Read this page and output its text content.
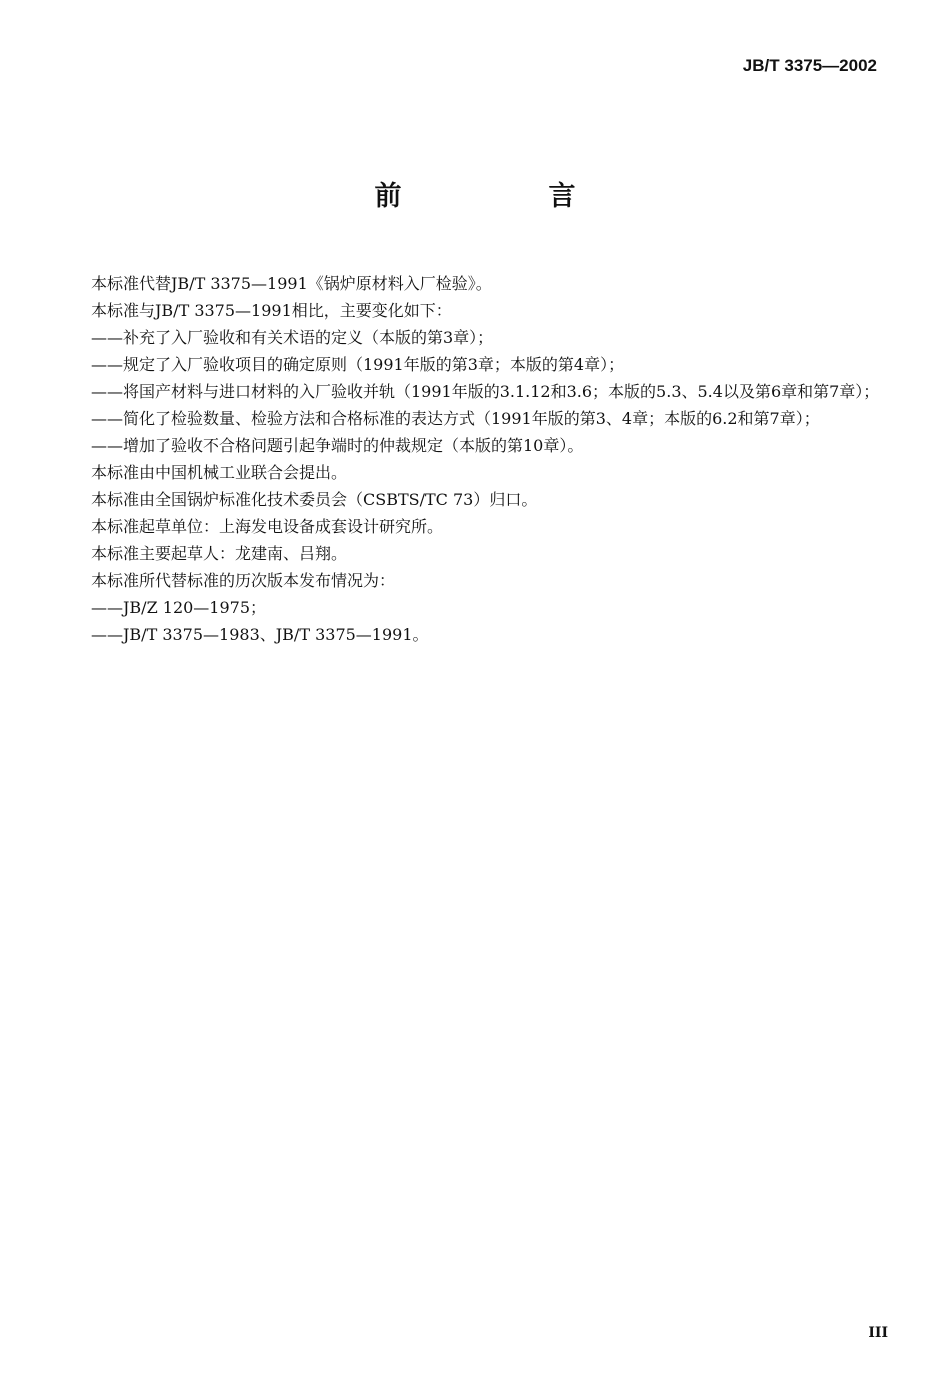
JB/T 3375—2002
前　言

本标准代替JB/T 3375—1991《锅炉原材料入厂检验》。

本标准与JB/T 3375—1991相比，主要变化如下：

——补充了入厂验收和有关术语的定义（本版的第3章）；

——规定了入厂验收项目的确定原则（1991年版的第3章；本版的第4章）；

——将国产材料与进口材料的入厂验收并轨（1991年版的3.1.12和3.6；本版的5.3、5.4以及第6章和第7章）；

——简化了检验数量、检验方法和合格标准的表达方式（1991年版的第3、4章；本版的6.2和第7章）；

——增加了验收不合格问题引起争端时的仲裁规定（本版的第10章）。

本标准由中国机械工业联合会提出。

本标准由全国锅炉标准化技术委员会（CSBTS/TC 73）归口。

本标准起草单位：上海发电设备成套设计研究所。

本标准主要起草人：龙建南、吕翔。

本标准所代替标准的历次版本发布情况为：

——JB/Z 120—1975；

——JB/T 3375—1983、JB/T 3375—1991。

III
